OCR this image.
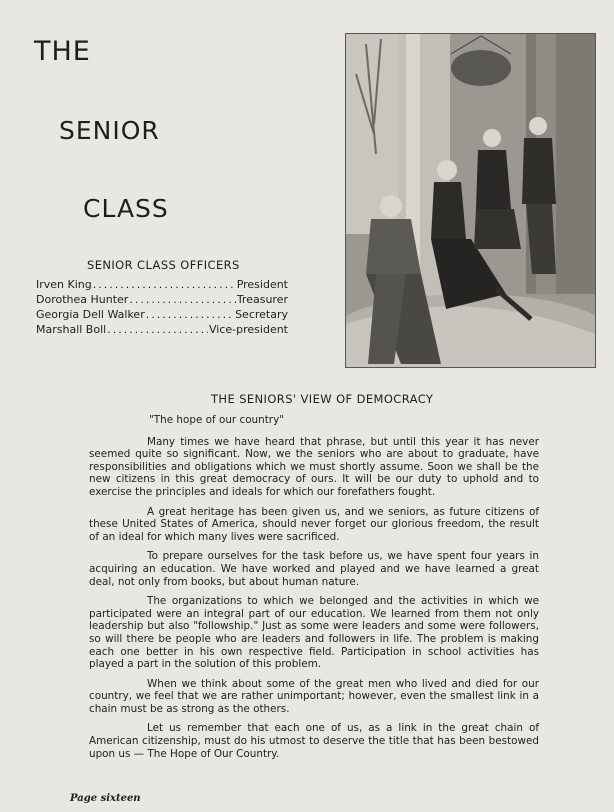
THE
SENIOR
CLASS
SENIOR CLASS OFFICERS
Irven King .....	President
Dorothea Hunter .....	Treasurer
Georgia Dell Walker .....	Secretary
Marshall Boll .....	Vice-president
THE SENIORS' VIEW OF DEMOCRACY

"The hope of our country"

Many times we have heard that phrase, but until this year it has never seemed quite so significant. Now, we the seniors who are about to graduate, have responsibilities and obligations which we must shortly assume. Soon we shall be the new citizens in this great democracy of ours. It will be our duty to uphold and to exercise the principles and ideals for which our forefathers fought.

A great heritage has been given us, and we seniors, as future citizens of these United States of America, should never forget our glorious freedom, the result of an ideal for which many lives were sacrificed.

To prepare ourselves for the task before us, we have spent four years in acquiring an education. We have worked and played and we have learned a great deal, not only from books, but about human nature.

The organizations to which we belonged and the activities in which we participated were an integral part of our education. We learned from them not only leadership but also "followship." Just as some were leaders and some were followers, so will there be people who are leaders and followers in life. The problem is making each one better in his own respective field. Participation in school activities has played a part in the solution of this problem.

When we think about some of the great men who lived and died for our country, we feel that we are rather unimportant; however, even the smallest link in a chain must be as strong as the others.

Let us remember that each one of us, as a link in the great chain of American citizenship, must do his utmost to deserve the title that has been bestowed upon us — The Hope of Our Country.

Page sixteen
